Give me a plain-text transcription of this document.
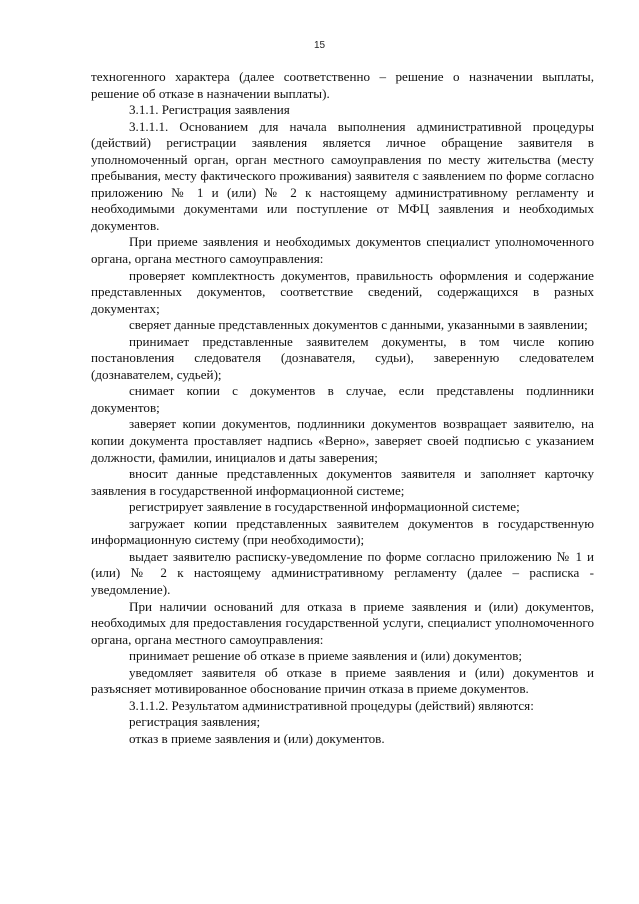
15

техногенного характера (далее соответственно – решение о назначении выплаты, решение об отказе в назначении выплаты).

3.1.1. Регистрация заявления

3.1.1.1. Основанием для начала выполнения административной процедуры (действий) регистрации заявления является личное обращение заявителя в уполномоченный орган, орган местного самоуправления по месту жительства (месту пребывания, месту фактического проживания) заявителя с заявлением по форме согласно приложению № 1 и (или) № 2 к настоящему административному регламенту и необходимыми документами или поступление от МФЦ заявления и необходимых документов.

При приеме заявления и необходимых документов специалист уполномоченного органа, органа местного самоуправления:

проверяет комплектность документов, правильность оформления и содержание представленных документов, соответствие сведений, содержащихся в разных документах;

сверяет данные представленных документов с данными, указанными в заявлении;

принимает представленные заявителем документы, в том числе копию постановления следователя (дознавателя, судьи), заверенную следователем (дознавателем, судьей);

снимает копии с документов в случае, если представлены подлинники документов;

заверяет копии документов, подлинники документов возвращает заявителю, на копии документа проставляет надпись «Верно», заверяет своей подписью с указанием должности, фамилии, инициалов и даты заверения;

вносит данные представленных документов заявителя и заполняет карточку заявления в государственной информационной системе;

регистрирует заявление в государственной информационной системе;

загружает копии представленных заявителем документов в государственную информационную систему (при необходимости);

выдает заявителю расписку-уведомление по форме согласно приложению № 1 и (или) № 2 к настоящему административному регламенту (далее – расписка - уведомление).

При наличии оснований для отказа в приеме заявления и (или) документов, необходимых для предоставления государственной услуги, специалист уполномоченного органа, органа местного самоуправления:

принимает решение об отказе в приеме заявления и (или) документов;

уведомляет заявителя об отказе в приеме заявления и (или) документов и разъясняет мотивированное обоснование причин отказа в приеме документов.

3.1.1.2. Результатом административной процедуры (действий) являются:

регистрация заявления;

отказ в приеме заявления и (или) документов.
